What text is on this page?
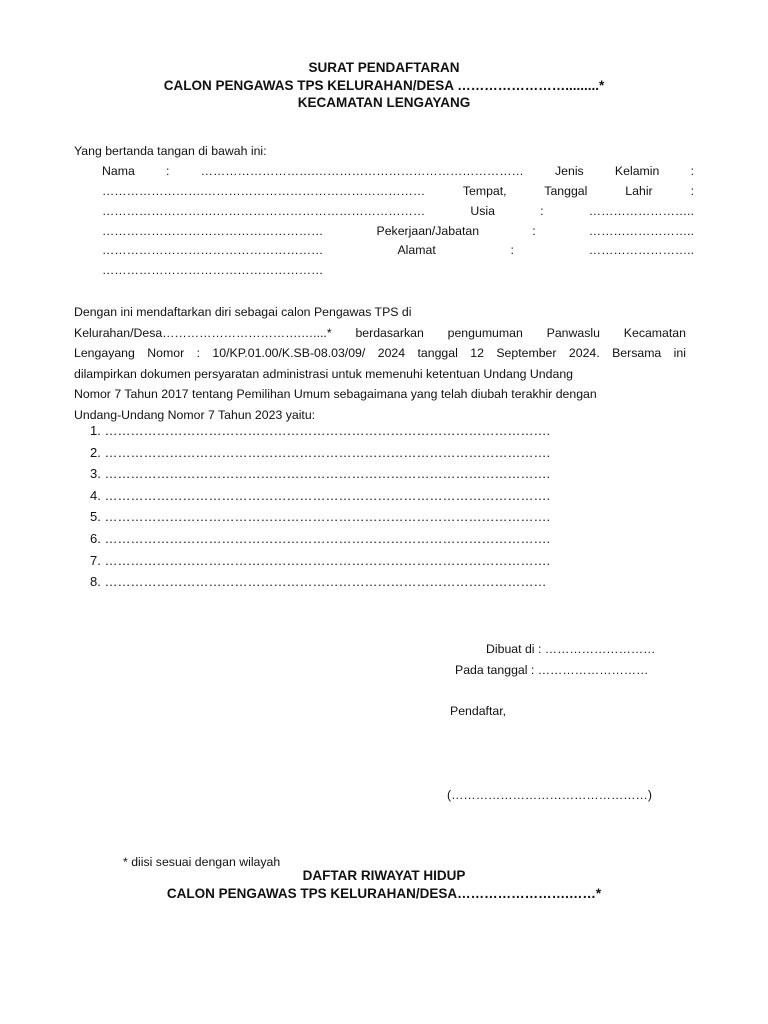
SURAT PENDAFTARAN
CALON PENGAWAS TPS KELURAHAN/DESA …………………….........*
KECAMATAN LENGAYANG
Yang bertanda tangan di bawah ini:
Nama : ……………………….…………………………………………… Jenis Kelamin :
…………………….……………………………………………… Tempat, Tanggal Lahir :
……………………….…………………………………………… Usia : ……………………..
……………………………………………… Pekerjaan/Jabatan : ……………………..
……………………………………………… Alamat : ……………………..
………………………………………………
Dengan ini mendaftarkan diri sebagai calon Pengawas TPS di
Kelurahan/Desa…………………………….…....* berdasarkan pengumuman Panwaslu Kecamatan
Lengayang Nomor : 10/KP.01.00/K.SB-08.03/09/ 2024 tanggal 12 September 2024. Bersama ini
dilampirkan dokumen persyaratan administrasi untuk memenuhi ketentuan Undang Undang
Nomor 7 Tahun 2017 tentang Pemilihan Umum sebagaimana yang telah diubah terakhir dengan
Undang-Undang Nomor 7 Tahun 2023 yaitu:
1. ………………………………………………………………………………………….
2. ………………………………………………………………………………………….
3. ………………………………………………………………………………………….
4. ………………………………………………………………………………………….
5. ………………………………………………………………………………………….
6. ………………………………………………………………………………………….
7. ………………………………………………………………………………………….
8. …………………………………………………………………………………………
Dibuat di : ………………………
Pada tanggal : ………………………
Pendaftar,
(…………………………………………)
* diisi sesuai dengan wilayah
DAFTAR RIWAYAT HIDUP
CALON PENGAWAS TPS KELURAHAN/DESA…………………….……*
